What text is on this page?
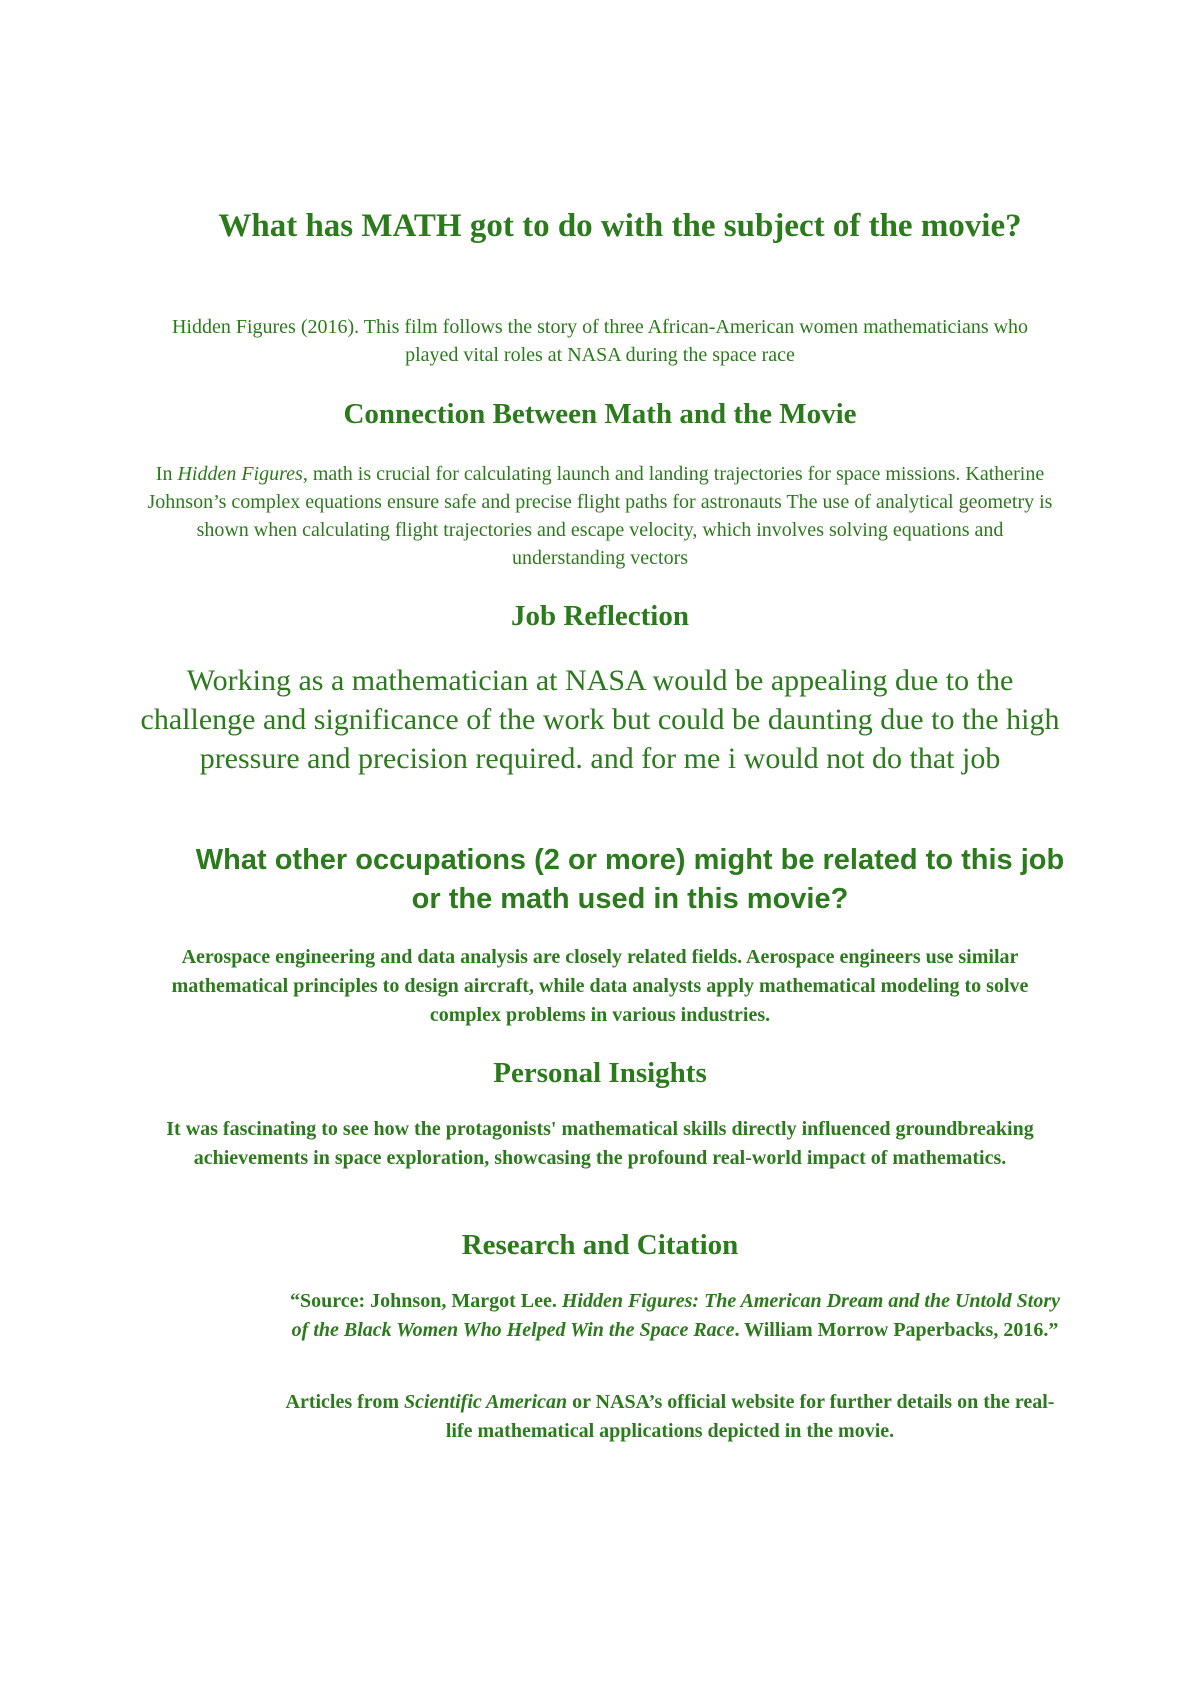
What has MATH got to do with the subject of the movie?

Hidden Figures (2016). This film follows the story of three African-American women mathematicians who played vital roles at NASA during the space race

Connection Between Math and the Movie

In Hidden Figures, math is crucial for calculating launch and landing trajectories for space missions. Katherine Johnson’s complex equations ensure safe and precise flight paths for astronauts The use of analytical geometry is shown when calculating flight trajectories and escape velocity, which involves solving equations and understanding vectors

Job Reflection

Working as a mathematician at NASA would be appealing due to the challenge and significance of the work but could be daunting due to the high pressure and precision required. and for me i would not do that job

What other occupations (2 or more) might be related to this job or the math used in this movie?

Aerospace engineering and data analysis are closely related fields. Aerospace engineers use similar mathematical principles to design aircraft, while data analysts apply mathematical modeling to solve complex problems in various industries.

Personal Insights

It was fascinating to see how the protagonists' mathematical skills directly influenced groundbreaking achievements in space exploration, showcasing the profound real-world impact of mathematics.

Research and Citation

“Source: Johnson, Margot Lee. Hidden Figures: The American Dream and the Untold Story of the Black Women Who Helped Win the Space Race. William Morrow Paperbacks, 2016.”

Articles from Scientific American or NASA’s official website for further details on the real-life mathematical applications depicted in the movie.
